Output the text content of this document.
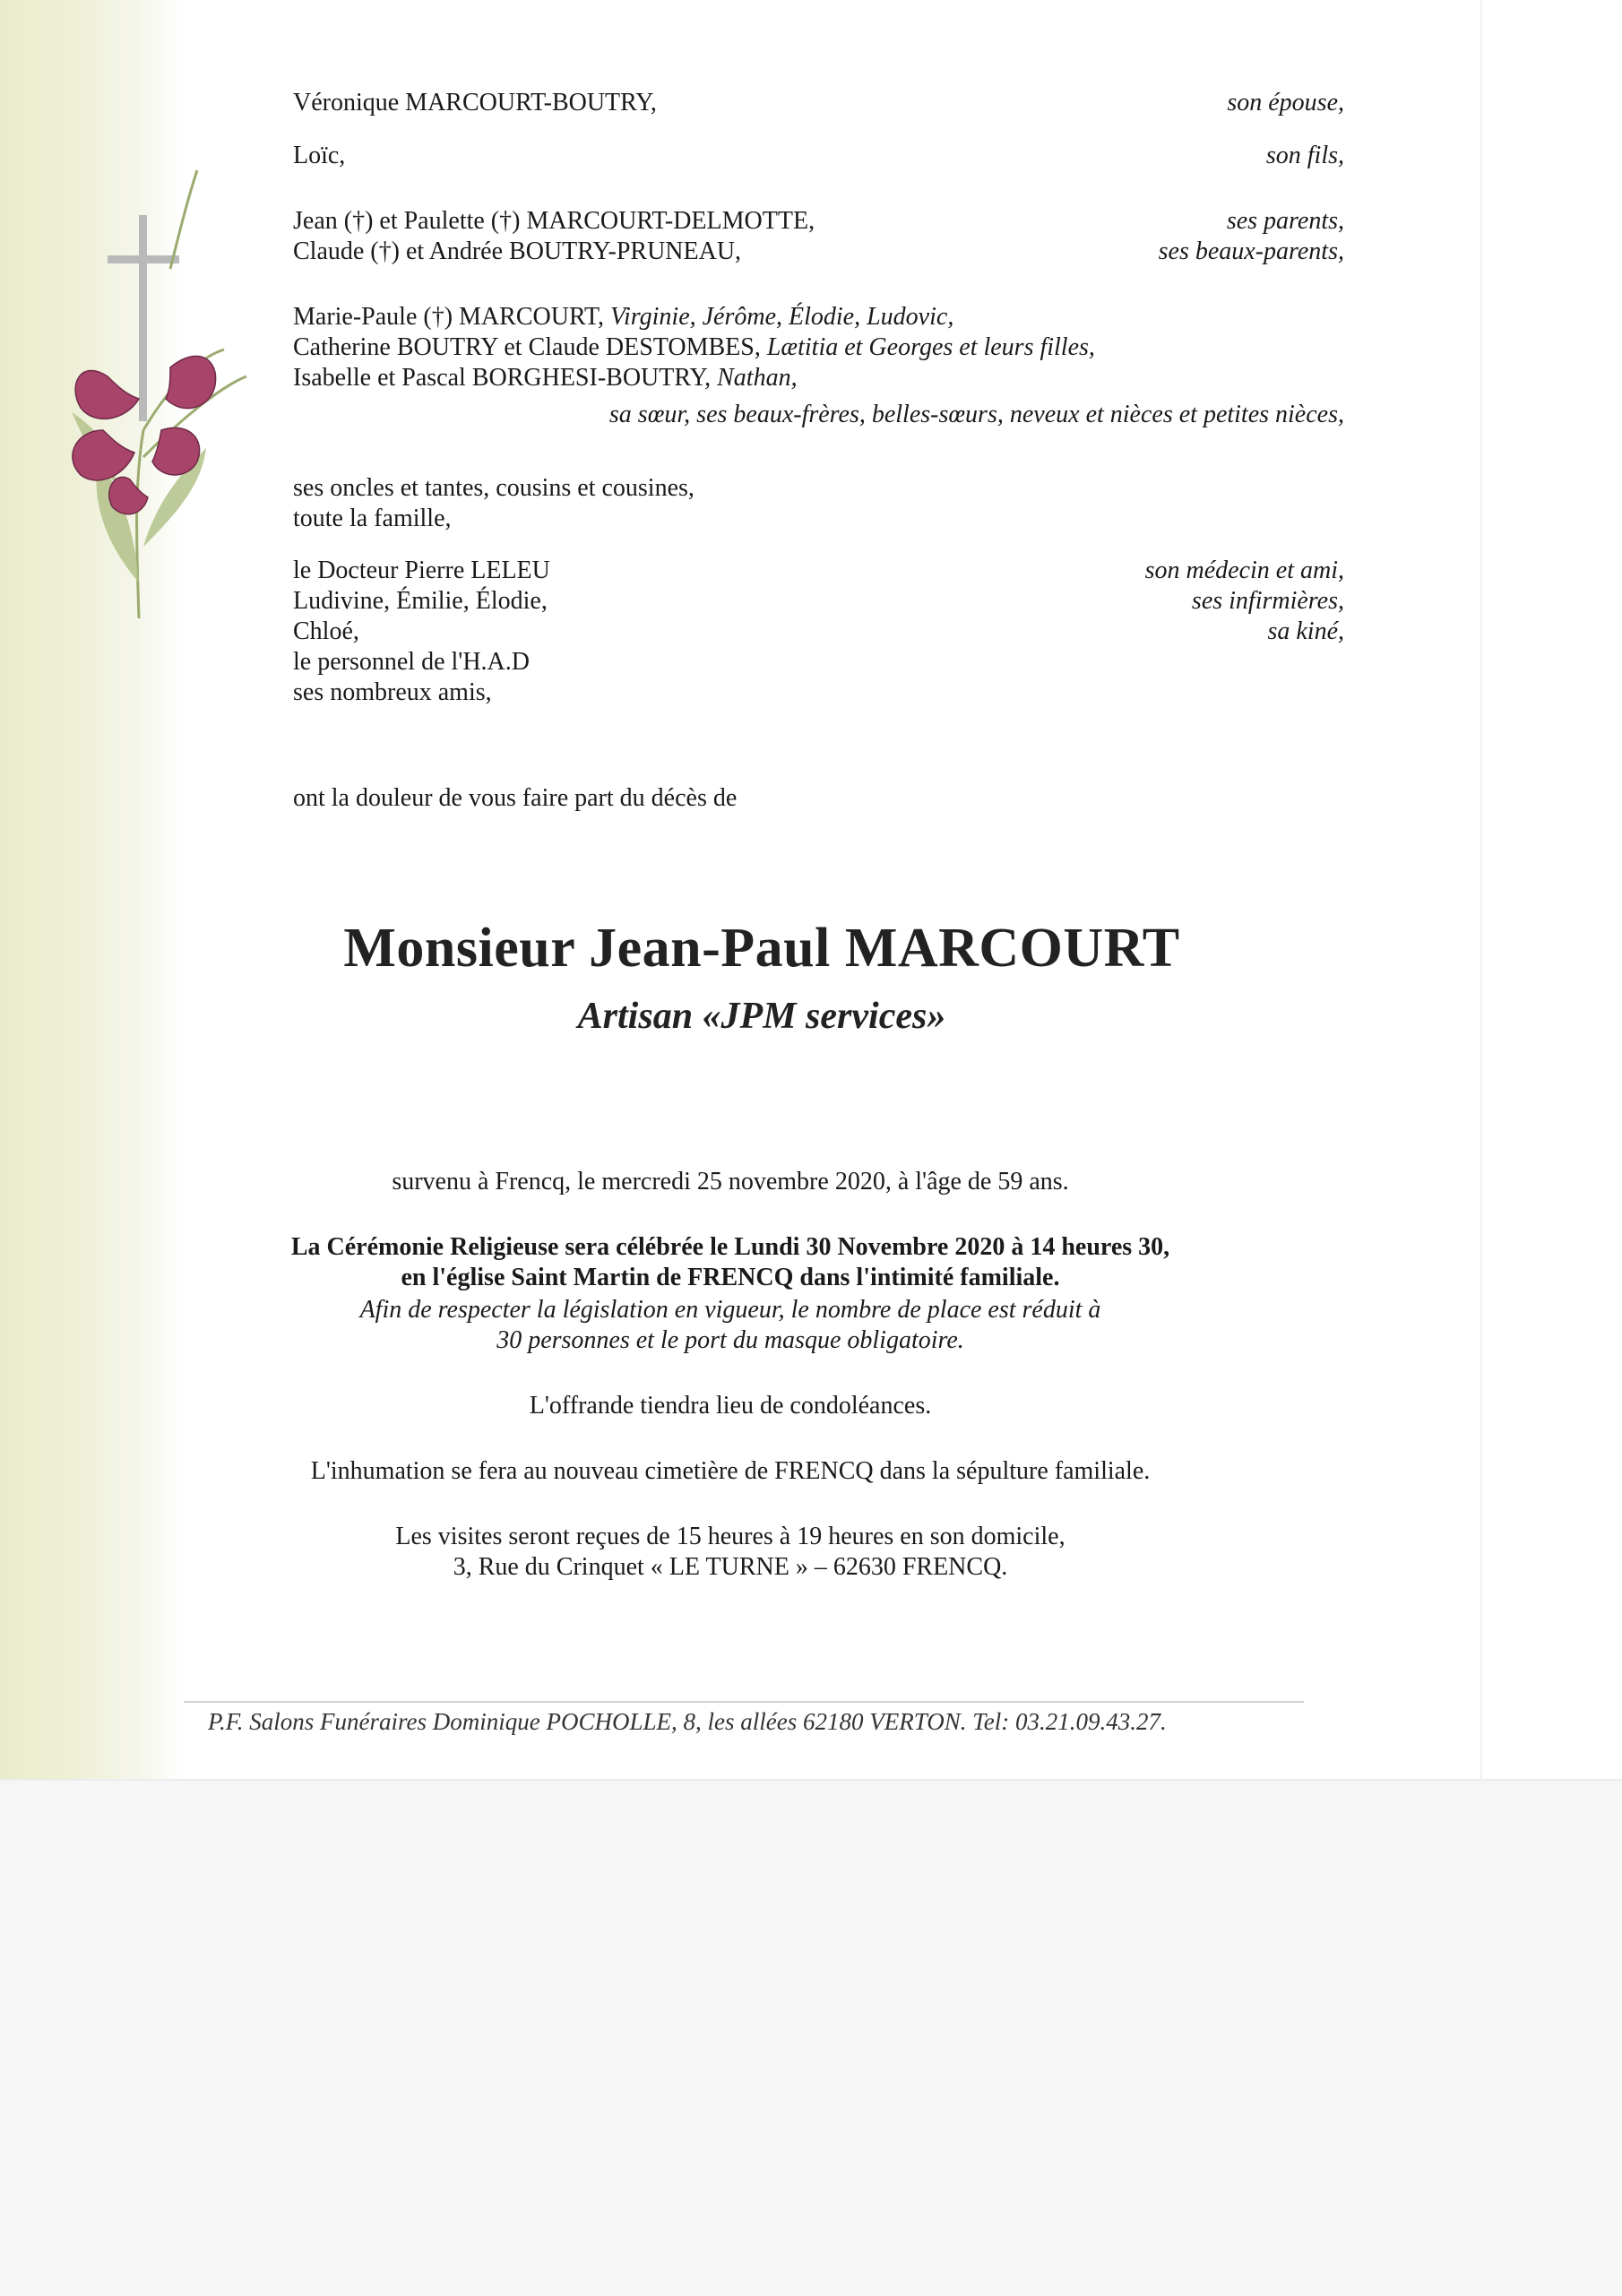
Véronique MARCOURT-BOUTRY,	son épouse,
Loïc,	son fils,
Jean (†) et Paulette (†) MARCOURT-DELMOTTE,	ses parents,
Claude (†) et Andrée BOUTRY-PRUNEAU,	ses beaux-parents,
Marie-Paule (†) MARCOURT, Virginie, Jérôme, Élodie, Ludovic,
Catherine BOUTRY et Claude DESTOMBES, Lætitia et Georges et leurs filles,
Isabelle et Pascal BORGHESI-BOUTRY, Nathan,
sa sœur, ses beaux-frères, belles-sœurs, neveux et nièces et petites nièces,
ses oncles et tantes, cousins et cousines,
toute la famille,
le Docteur Pierre LELEU	son médecin et ami,
Ludivine, Émilie, Élodie,	ses infirmières,
Chloé,	sa kiné,
le personnel de l'H.A.D
ses nombreux amis,
ont la douleur de vous faire part du décès de
Monsieur Jean-Paul MARCOURT
Artisan «JPM services»
survenu à Frencq, le mercredi 25 novembre 2020, à l'âge de 59 ans.
La Cérémonie Religieuse sera célébrée le Lundi 30 Novembre 2020 à 14 heures 30,
en l'église Saint Martin de FRENCQ dans l'intimité familiale.
Afin de respecter la législation en vigueur, le nombre de place est réduit à
30 personnes et le port du masque obligatoire.
L'offrande tiendra lieu de condoléances.
L'inhumation se fera au nouveau cimetière de FRENCQ dans la sépulture familiale.
Les visites seront reçues de 15 heures à 19 heures en son domicile,
3, Rue du Crinquet « LE TURNE » – 62630 FRENCQ.
P.F. Salons Funéraires Dominique POCHOLLE, 8, les allées 62180 VERTON. Tel: 03.21.09.43.27.
